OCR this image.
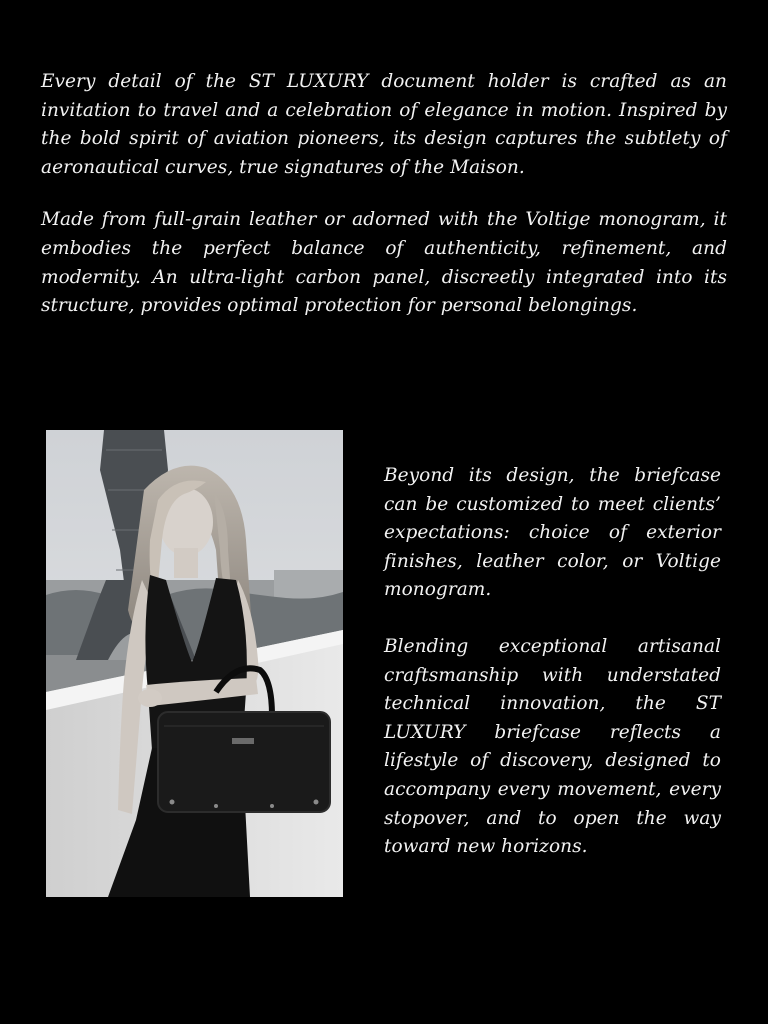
Every detail of the ST LUXURY document holder is crafted as an invitation to travel and a celebration of elegance in motion. Inspired by the bold spirit of aviation pioneers, its design captures the subtlety of aeronautical curves, true signatures of the Maison.

Made from full-grain leather or adorned with the Voltige monogram, it embodies the perfect balance of authenticity, refinement, and modernity. An ultra-light carbon panel, discreetly integrated into its structure, provides optimal protection for personal belongings.

Beyond its design, the briefcase can be customized to meet clients’ expectations: choice of exterior finishes, leather color, or Voltige monogram.

Blending exceptional artisanal craftsmanship with understated technical innovation, the ST LUXURY briefcase reflects a lifestyle of discovery, designed to accompany every movement, every stopover, and to open the way toward new horizons.
